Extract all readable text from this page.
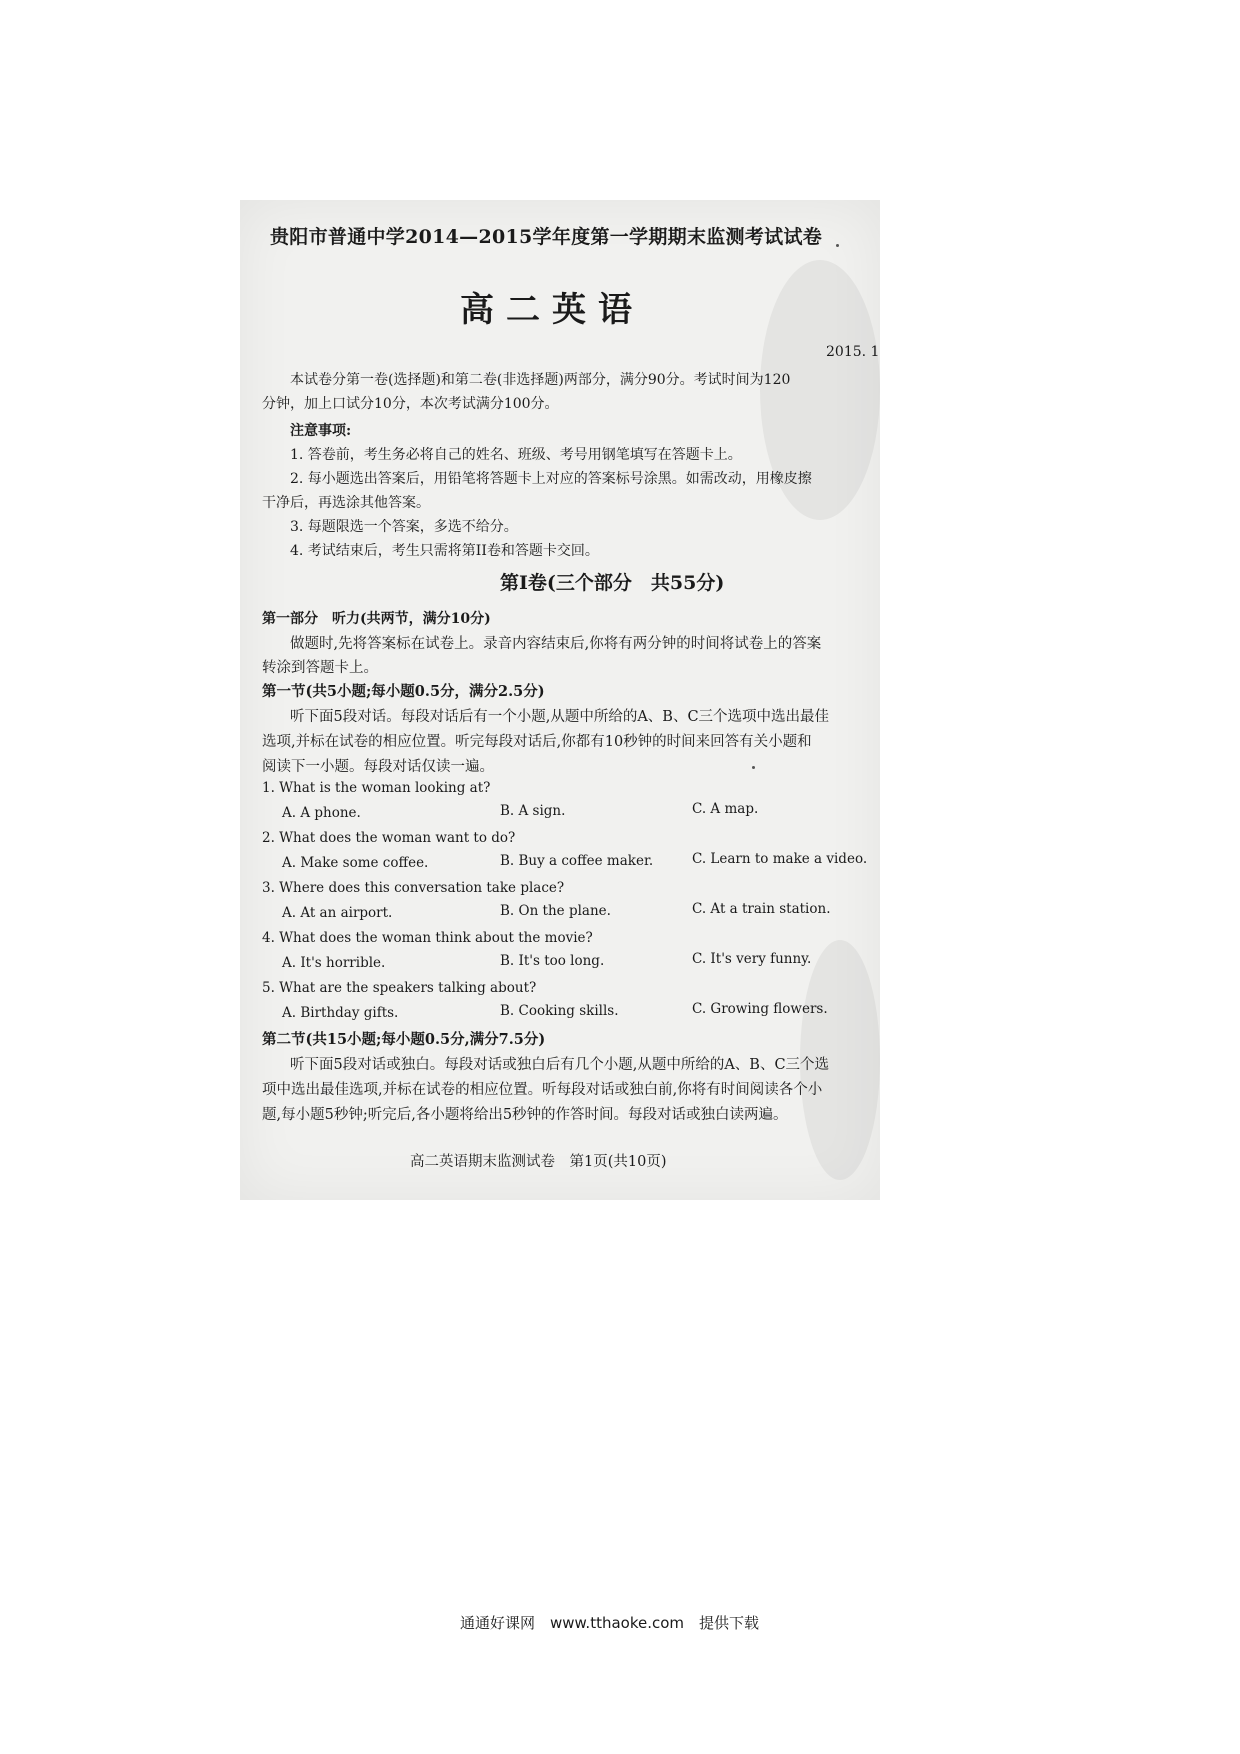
贵阳市普通中学2014—2015学年度第一学期期末监测考试试卷
高二英语
2015. 1
本试卷分第一卷(选择题)和第二卷(非选择题)两部分，满分90分。考试时间为120
分钟，加上口试分10分，本次考试满分100分。
注意事项:
1. 答卷前，考生务必将自己的姓名、班级、考号用钢笔填写在答题卡上。
2. 每小题选出答案后，用铅笔将答题卡上对应的答案标号涂黑。如需改动，用橡皮擦
干净后，再选涂其他答案。
3. 每题限选一个答案，多选不给分。
4. 考试结束后，考生只需将第II卷和答题卡交回。
第I卷(三个部分　共55分)
第一部分　听力(共两节，满分10分)
做题时,先将答案标在试卷上。录音内容结束后,你将有两分钟的时间将试卷上的答案
转涂到答题卡上。
第一节(共5小题;每小题0.5分，满分2.5分)
听下面5段对话。每段对话后有一个小题,从题中所给的A、B、C三个选项中选出最佳
选项,并标在试卷的相应位置。听完每段对话后,你都有10秒钟的时间来回答有关小题和
阅读下一小题。每段对话仅读一遍。
1. What is the woman looking at?
A. A phone.	B. A sign.	C. A map.
2. What does the woman want to do?
A. Make some coffee.	B. Buy a coffee maker.	C. Learn to make a video.
3. Where does this conversation take place?
A. At an airport.	B. On the plane.	C. At a train station.
4. What does the woman think about the movie?
A. It's horrible.	B. It's too long.	C. It's very funny.
5. What are the speakers talking about?
A. Birthday gifts.	B. Cooking skills.	C. Growing flowers.
第二节(共15小题;每小题0.5分,满分7.5分)
听下面5段对话或独白。每段对话或独白后有几个小题,从题中所给的A、B、C三个选
项中选出最佳选项,并标在试卷的相应位置。听每段对话或独白前,你将有时间阅读各个小
题,每小题5秒钟;听完后,各小题将给出5秒钟的作答时间。每段对话或独白读两遍。
高二英语期末监测试卷　第1页(共10页)
通通好课网　www.tthaoke.com　提供下载
